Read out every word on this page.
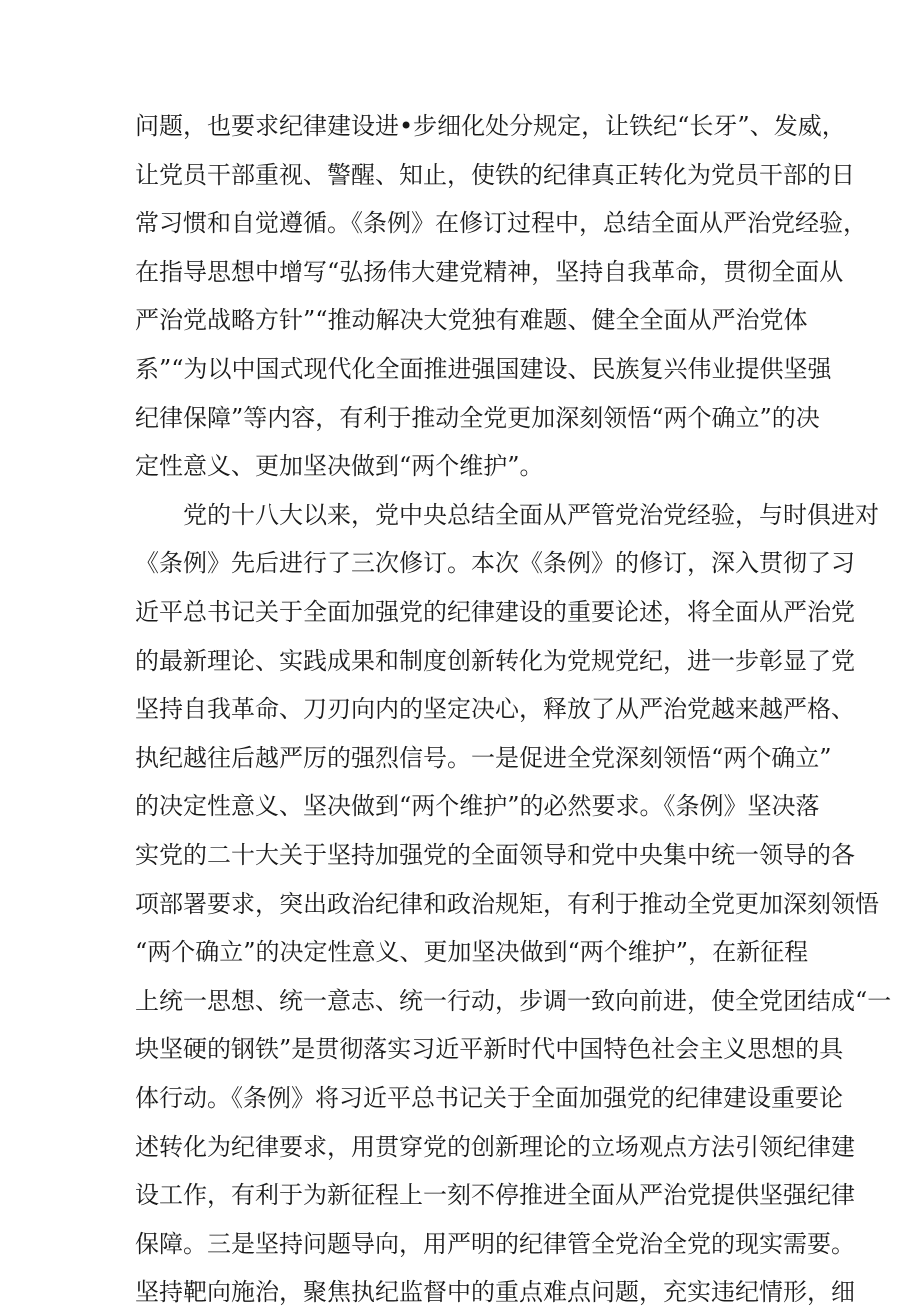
问题，也要求纪律建设进•步细化处分规定，让铁纪“长牙”、发威，
让党员干部重视、警醒、知止，使铁的纪律真正转化为党员干部的日
常习惯和自觉遵循。《条例》在修订过程中，总结全面从严治党经验，
在指导思想中增写“弘扬伟大建党精神，坚持自我革命，贯彻全面从
严治党战略方针”“推动解决大党独有难题、健全全面从严治党体
系”“为以中国式现代化全面推进强国建设、民族复兴伟业提供坚强
纪律保障”等内容，有利于推动全党更加深刻领悟“两个确立”的决
定性意义、更加坚决做到“两个维护”。
党的十八大以来，党中央总结全面从严管党治党经验，与时俱进对
《条例》先后进行了三次修订。本次《条例》的修订，深入贯彻了习
近平总书记关于全面加强党的纪律建设的重要论述，将全面从严治党
的最新理论、实践成果和制度创新转化为党规党纪，进一步彰显了党
坚持自我革命、刀刃向内的坚定决心，释放了从严治党越来越严格、
执纪越往后越严厉的强烈信号。一是促进全党深刻领悟“两个确立”
的决定性意义、坚决做到“两个维护”的必然要求。《条例》坚决落
实党的二十大关于坚持加强党的全面领导和党中央集中统一领导的各
项部署要求，突出政治纪律和政治规矩，有利于推动全党更加深刻领悟
“两个确立”的决定性意义、更加坚决做到“两个维护”，在新征程
上统一思想、统一意志、统一行动，步调一致向前进，使全党团结成“一
块坚硬的钢铁”是贯彻落实习近平新时代中国特色社会主义思想的具
体行动。《条例》将习近平总书记关于全面加强党的纪律建设重要论
述转化为纪律要求，用贯穿党的创新理论的立场观点方法引领纪律建
设工作，有利于为新征程上一刻不停推进全面从严治党提供坚强纪律
保障。三是坚持问题导向，用严明的纪律管全党治全党的现实需要。
坚持靶向施治，聚焦执纪监督中的重点难点问题，充实违纪情形，细
